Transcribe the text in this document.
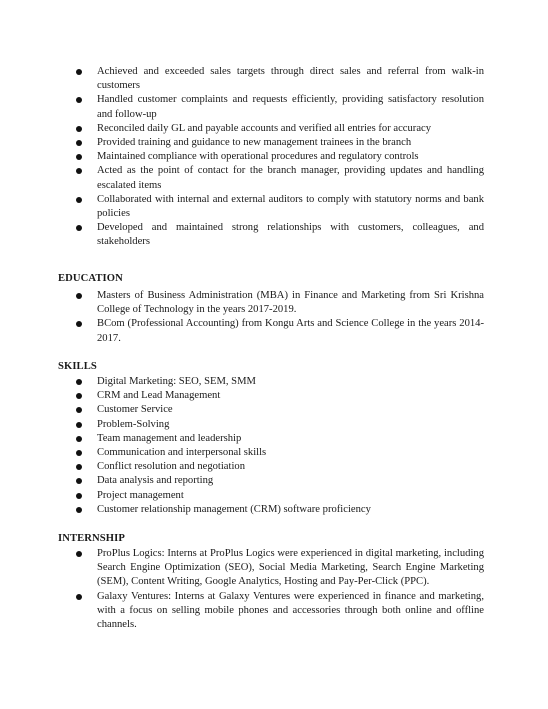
Achieved and exceeded sales targets through direct sales and referral from walk-in customers
Handled customer complaints and requests efficiently, providing satisfactory resolution and follow-up
Reconciled daily GL and payable accounts and verified all entries for accuracy
Provided training and guidance to new management trainees in the branch
Maintained compliance with operational procedures and regulatory controls
Acted as the point of contact for the branch manager, providing updates and handling escalated items
Collaborated with internal and external auditors to comply with statutory norms and bank policies
Developed and maintained strong relationships with customers, colleagues, and stakeholders
EDUCATION
Masters of Business Administration (MBA) in Finance and Marketing from Sri Krishna College of Technology in the years 2017-2019.
BCom (Professional Accounting) from Kongu Arts and Science College in the years 2014-2017.
SKILLS
Digital Marketing: SEO, SEM, SMM
CRM and Lead Management
Customer Service
Problem-Solving
Team management and leadership
Communication and interpersonal skills
Conflict resolution and negotiation
Data analysis and reporting
Project management
Customer relationship management (CRM) software proficiency
INTERNSHIP
ProPlus Logics: Interns at ProPlus Logics were experienced in digital marketing, including Search Engine Optimization (SEO), Social Media Marketing, Search Engine Marketing (SEM), Content Writing, Google Analytics, Hosting and Pay-Per-Click (PPC).
Galaxy Ventures: Interns at Galaxy Ventures were experienced in finance and marketing, with a focus on selling mobile phones and accessories through both online and offline channels.
